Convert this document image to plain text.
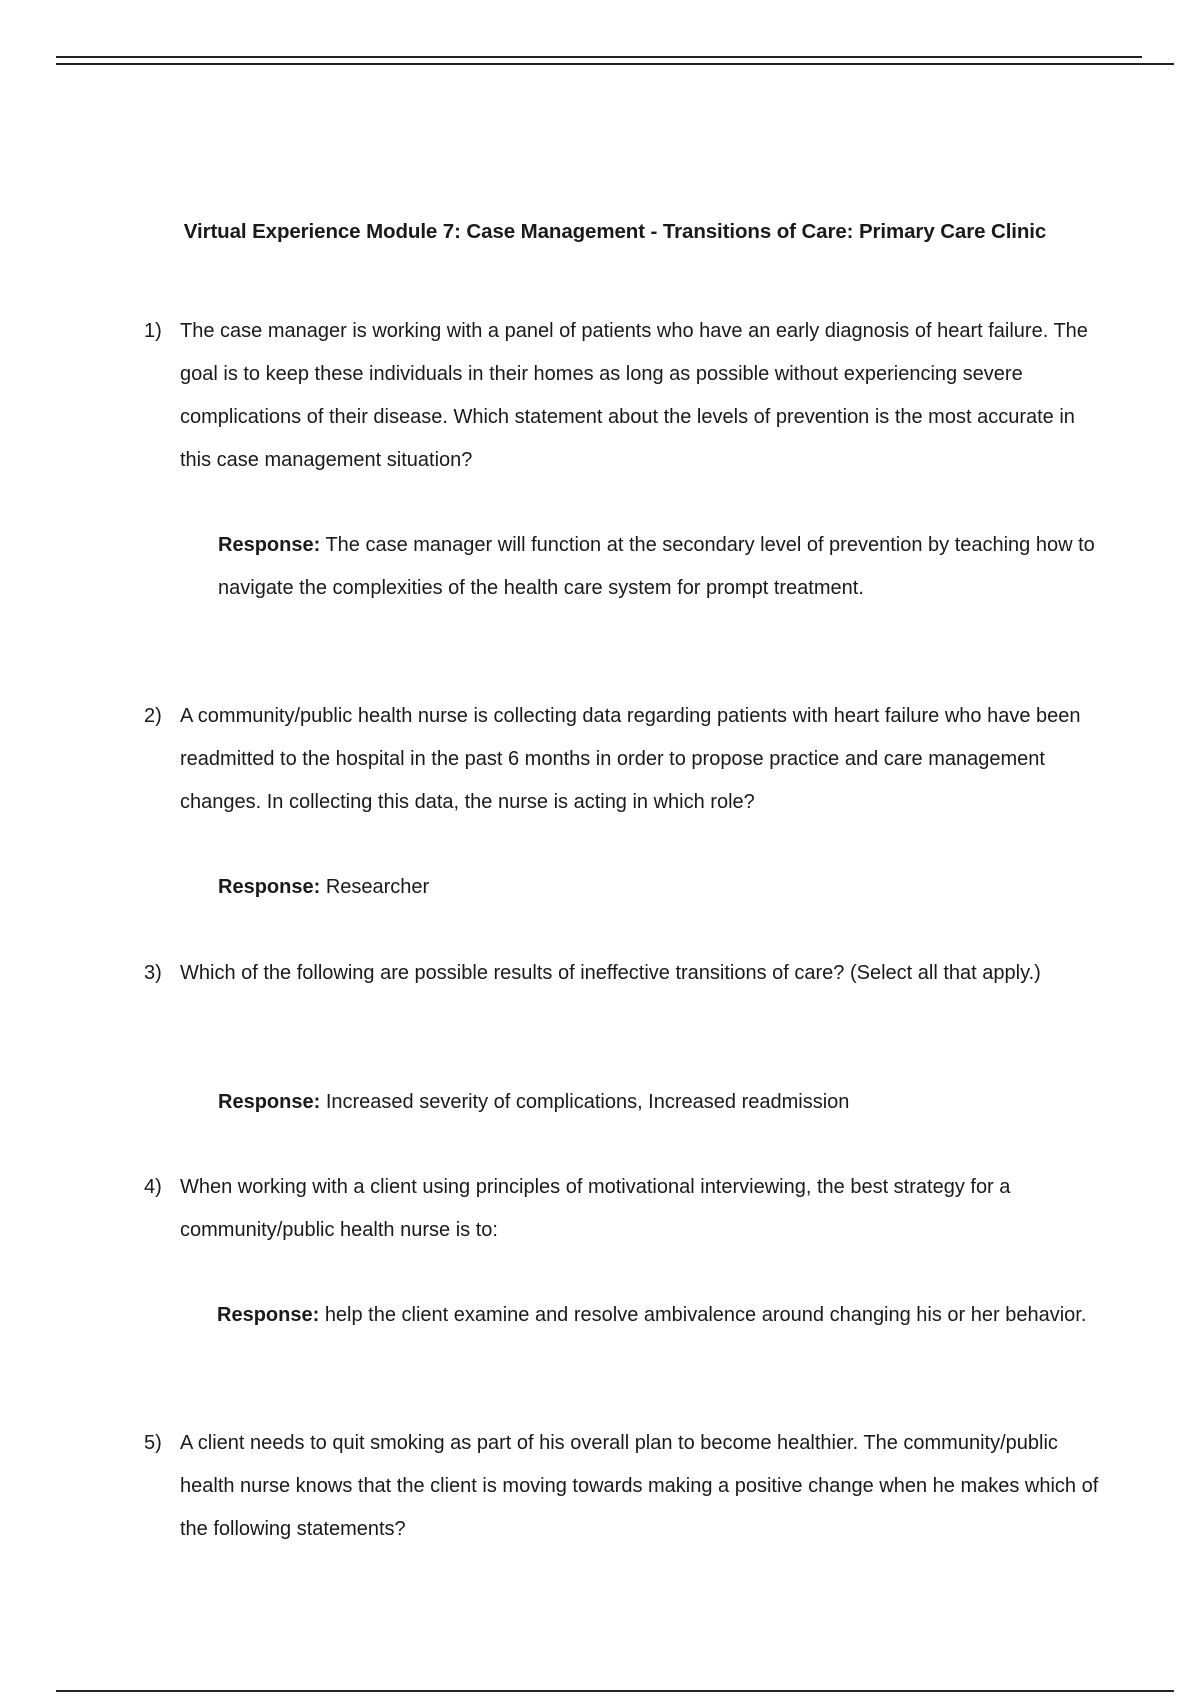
Virtual Experience Module 7: Case Management - Transitions of Care: Primary Care Clinic
1) The case manager is working with a panel of patients who have an early diagnosis of heart failure. The goal is to keep these individuals in their homes as long as possible without experiencing severe complications of their disease. Which statement about the levels of prevention is the most accurate in this case management situation?
Response: The case manager will function at the secondary level of prevention by teaching how to navigate the complexities of the health care system for prompt treatment.
2) A community/public health nurse is collecting data regarding patients with heart failure who have been readmitted to the hospital in the past 6 months in order to propose practice and care management changes. In collecting this data, the nurse is acting in which role?
Response: Researcher
3) Which of the following are possible results of ineffective transitions of care? (Select all that apply.)
Response: Increased severity of complications, Increased readmission
4) When working with a client using principles of motivational interviewing, the best strategy for a community/public health nurse is to:
Response: help the client examine and resolve ambivalence around changing his or her behavior.
5) A client needs to quit smoking as part of his overall plan to become healthier. The community/public health nurse knows that the client is moving towards making a positive change when he makes which of the following statements?
